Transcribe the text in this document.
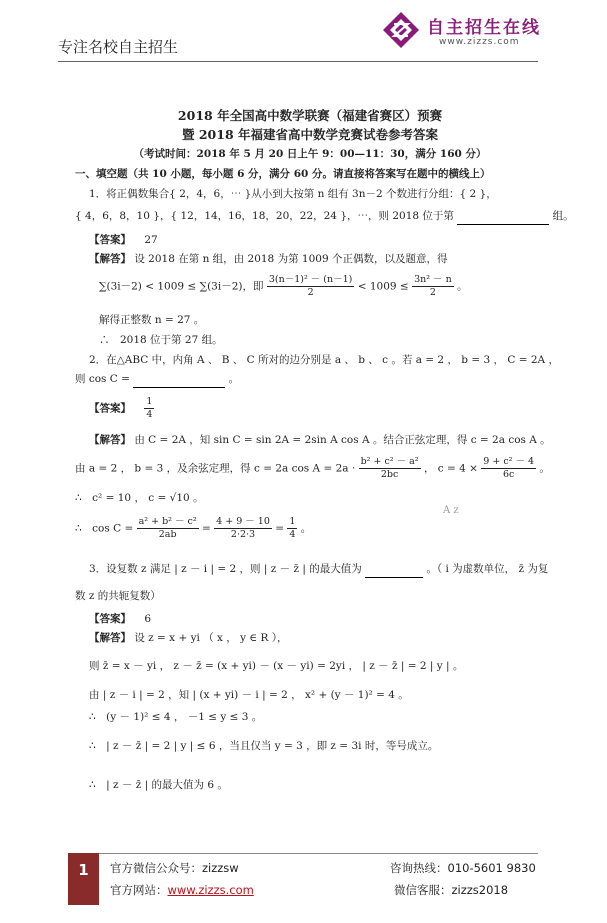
专注名校自主招生
自主招生在线
www.zizzs.com
2018 年全国高中数学联赛（福建省赛区）预赛
暨 2018 年福建省高中数学竞赛试卷参考答案
（考试时间：2018 年 5 月 20 日上午 9：00—11：30，满分 160 分）
一、填空题（共 10 小题，每小题 6 分，满分 60 分。请直接将答案写在题中的横线上）
1．将正偶数集合{ 2，4，6，⋯ }从小到大按第 n 组有 3n－2 个数进行分组：{ 2 }，
{ 4，6，8，10 }，{ 12，14，16，18，20，22，24 }，⋯，则 2018 位于第	组。
【答案】 27
【解答】 设 2018 在第 n 组，由 2018 为第 1009 个正偶数，以及题意，得
∑(3i－2) < 1009 ≤ ∑(3i－2)，即 $\frac{\text{3(n－1)² － (n－1)}}{2} < 1009 \le \frac{\text{3n² － n}}{2}$ 。
解得正整数 n = 27 。
∴　2018 位于第 27 组。
2．在△ABC 中，内角 A 、 B 、 C 所对的边分别是 a 、 b 、 c 。若 a = 2 ， b = 3 ， C = 2A ，
则 cos C =	。
【答案】 $\frac{1}{4}$
【解答】 由 C = 2A ，知 sin C = sin 2A = 2sin A cos A 。结合正弦定理，得 c = 2a cos A 。
由 a = 2 ， b = 3 ，及余弦定理，得 c = 2a $\cos A = 2a \cdot \frac{\text{b² + c² － a²}}{2bc}$ ， $c = 4 \times \frac{\text{9 + c² － 4}}{6c}$ 。
∴　c² = 10 ， c = √10 。
∴　$\cos C = \frac{\text{a² + b² － c²}}{2ab} = \frac{4 + 9 - 10}{2\cdot 2\cdot 3} = \frac{1}{4}$ 。
3．设复数 z 满足 | z － i | = 2 ，则 | z － z̄ | 的最大值为	。（ i 为虚数单位， z̄ 为复
数 z 的共轭复数）
【答案】 6
【解答】 设 z = x + yi （ x ， y ∈ R ），
则 z̄ = x － yi ， z － z̄ = (x + yi) － (x － yi) = 2yi ， | z － z̄ | = 2 | y | 。
由 | z － i | = 2 ，知 | (x + yi) － i | = 2 ， x² + (y － 1)² = 4 。
∴　(y － 1)² ≤ 4 ， －1 ≤ y ≤ 3 。
∴　| z － z̄ | = 2 | y | ≤ 6 ，当且仅当 y = 3 ，即 z = 3i 时，等号成立。
∴　| z － z̄ | 的最大值为 6 。
A z
1	官方微信公众号：zizzsw
官方网站：www.zizzs.com
咨询热线：010-5601 9830
微信客服：zizzs2018
